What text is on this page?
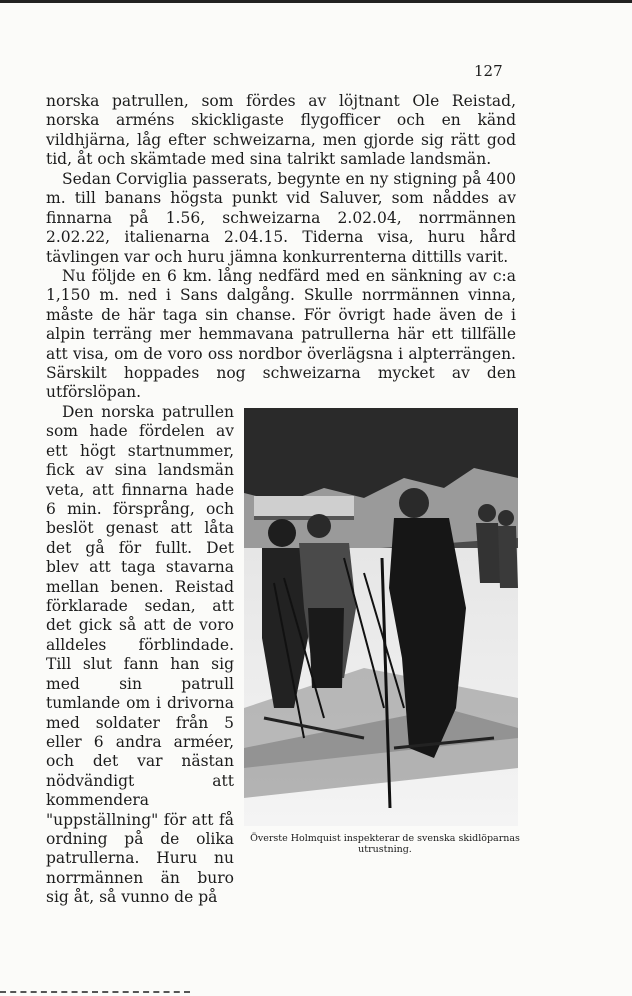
127

norska patrullen, som fördes av löjtnant Ole Reistad, norska arméns skickligaste flygofficer och en känd vildhjärna, låg efter schweizarna, men gjorde sig rätt god tid, åt och skämtade med sina talrikt samlade landsmän.

Sedan Corviglia passerats, begynte en ny stigning på 400 m. till banans högsta punkt vid Saluver, som nåddes av finnarna på 1.56, schweizarna 2.02.04, norrmännen 2.02.22, italienarna 2.04.15. Tiderna visa, huru hård tävlingen var och huru jämna konkurrenterna dittills varit.

Nu följde en 6 km. lång nedfärd med en sänkning av c:a 1,150 m. ned i Sans dalgång. Skulle norrmännen vinna, måste de här taga sin chanse. För övrigt hade även de i alpin terräng mer hemmavana patrullerna här ett tillfälle att visa, om de voro oss nordbor överlägsna i alpterrängen. Särskilt hoppades nog schweizarna mycket av den utförslöpan.

Den norska patrullen som hade fördelen av ett högt startnummer, fick av sina landsmän veta, att finnarna hade 6 min. försprång, och beslöt genast att låta det gå för fullt. Det blev att taga stavarna mellan benen. Reistad förklarade sedan, att det gick så att de voro alldeles förblindade. Till slut fann han sig med sin patrull tumlande om i drivorna med soldater från 5 eller 6 andra arméer, och det var nästan nödvändigt att kommendera "uppställning" för att få ordning på de olika patrullerna. Huru nu norrmännen än buro sig åt, så vunno de på

Överste Holmquist inspekterar de svenska skidlöparnas utrustning.
